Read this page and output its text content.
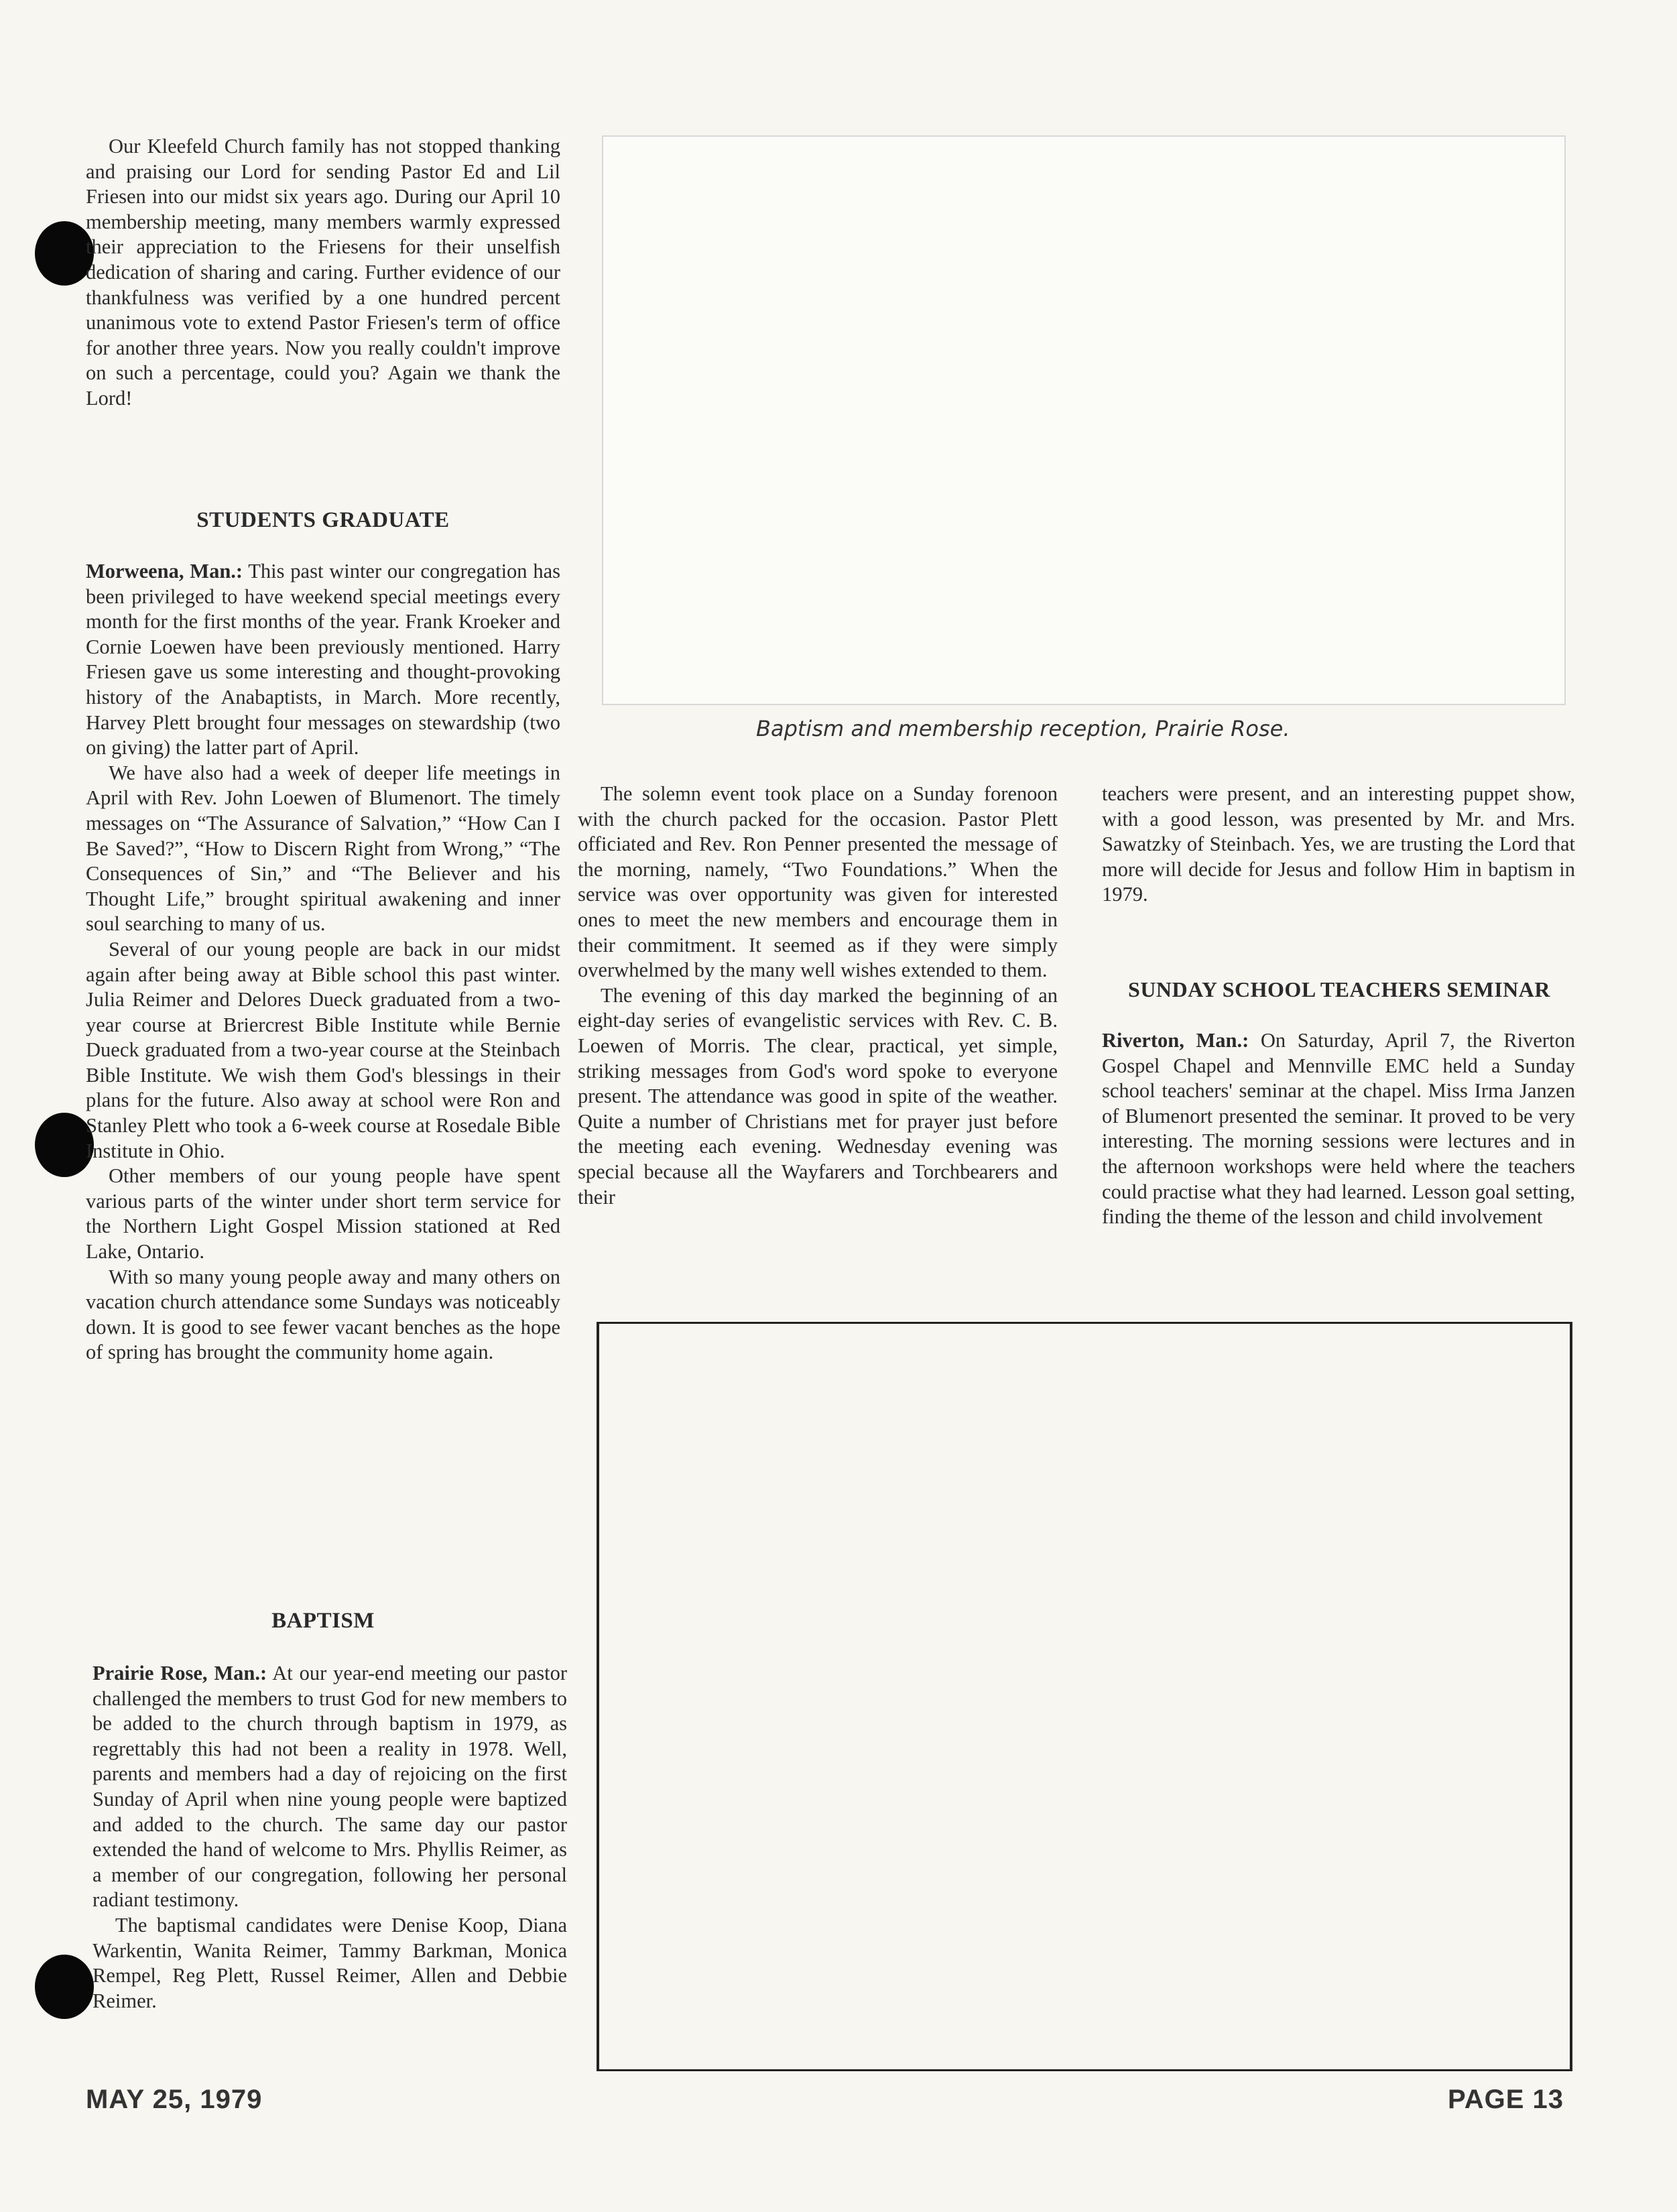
Our Kleefeld Church family has not stopped thanking and praising our Lord for sending Pastor Ed and Lil Friesen into our midst six years ago. During our April 10 membership meeting, many members warmly expressed their appreciation to the Friesens for their unselfish dedication of sharing and caring. Further evidence of our thankfulness was verified by a one hundred percent unanimous vote to extend Pastor Friesen's term of office for another three years. Now you really couldn't improve on such a percentage, could you? Again we thank the Lord!

STUDENTS GRADUATE

Morweena, Man.: This past winter our congregation has been privileged to have weekend special meetings every month for the first months of the year. Frank Kroeker and Cornie Loewen have been previously mentioned. Harry Friesen gave us some interesting and thought-provoking history of the Anabaptists, in March. More recently, Harvey Plett brought four messages on stewardship (two on giving) the latter part of April.

We have also had a week of deeper life meetings in April with Rev. John Loewen of Blumenort. The timely messages on “The Assurance of Salvation,” “How Can I Be Saved?”, “How to Discern Right from Wrong,” “The Consequences of Sin,” and “The Believer and his Thought Life,” brought spiritual awakening and inner soul searching to many of us.

Several of our young people are back in our midst again after being away at Bible school this past winter. Julia Reimer and Delores Dueck graduated from a two-year course at Briercrest Bible Institute while Bernie Dueck graduated from a two-year course at the Steinbach Bible Institute. We wish them God's blessings in their plans for the future. Also away at school were Ron and Stanley Plett who took a 6-week course at Rosedale Bible Institute in Ohio.

Other members of our young people have spent various parts of the winter under short term service for the Northern Light Gospel Mission stationed at Red Lake, Ontario.

With so many young people away and many others on vacation church attendance some Sundays was noticeably down. It is good to see fewer vacant benches as the hope of spring has brought the community home again.

BAPTISM

Prairie Rose, Man.: At our year-end meeting our pastor challenged the members to trust God for new members to be added to the church through baptism in 1979, as regrettably this had not been a reality in 1978. Well, parents and members had a day of rejoicing on the first Sunday of April when nine young people were baptized and added to the church. The same day our pastor extended the hand of welcome to Mrs. Phyllis Reimer, as a member of our congregation, following her personal radiant testimony.

The baptismal candidates were Denise Koop, Diana Warkentin, Wanita Reimer, Tammy Barkman, Monica Rempel, Reg Plett, Russel Reimer, Allen and Debbie Reimer.

Baptism and membership reception, Prairie Rose.

The solemn event took place on a Sunday forenoon with the church packed for the occasion. Pastor Plett officiated and Rev. Ron Penner presented the message of the morning, namely, “Two Foundations.” When the service was over opportunity was given for interested ones to meet the new members and encourage them in their commitment. It seemed as if they were simply overwhelmed by the many well wishes extended to them.

The evening of this day marked the beginning of an eight-day series of evangelistic services with Rev. C. B. Loewen of Morris. The clear, practical, yet simple, striking messages from God's word spoke to everyone present. The attendance was good in spite of the weather. Quite a number of Christians met for prayer just before the meeting each evening. Wednesday evening was special because all the Wayfarers and Torchbearers and their

teachers were present, and an interesting puppet show, with a good lesson, was presented by Mr. and Mrs. Sawatzky of Steinbach. Yes, we are trusting the Lord that more will decide for Jesus and follow Him in baptism in 1979.

SUNDAY SCHOOL TEACHERS SEMINAR

Riverton, Man.: On Saturday, April 7, the Riverton Gospel Chapel and Mennville EMC held a Sunday school teachers' seminar at the chapel. Miss Irma Janzen of Blumenort presented the seminar. It proved to be very interesting. The morning sessions were lectures and in the afternoon workshops were held where the teachers could practise what they had learned. Lesson goal setting, finding the theme of the lesson and child involvement

MAY 25, 1979	PAGE 13
